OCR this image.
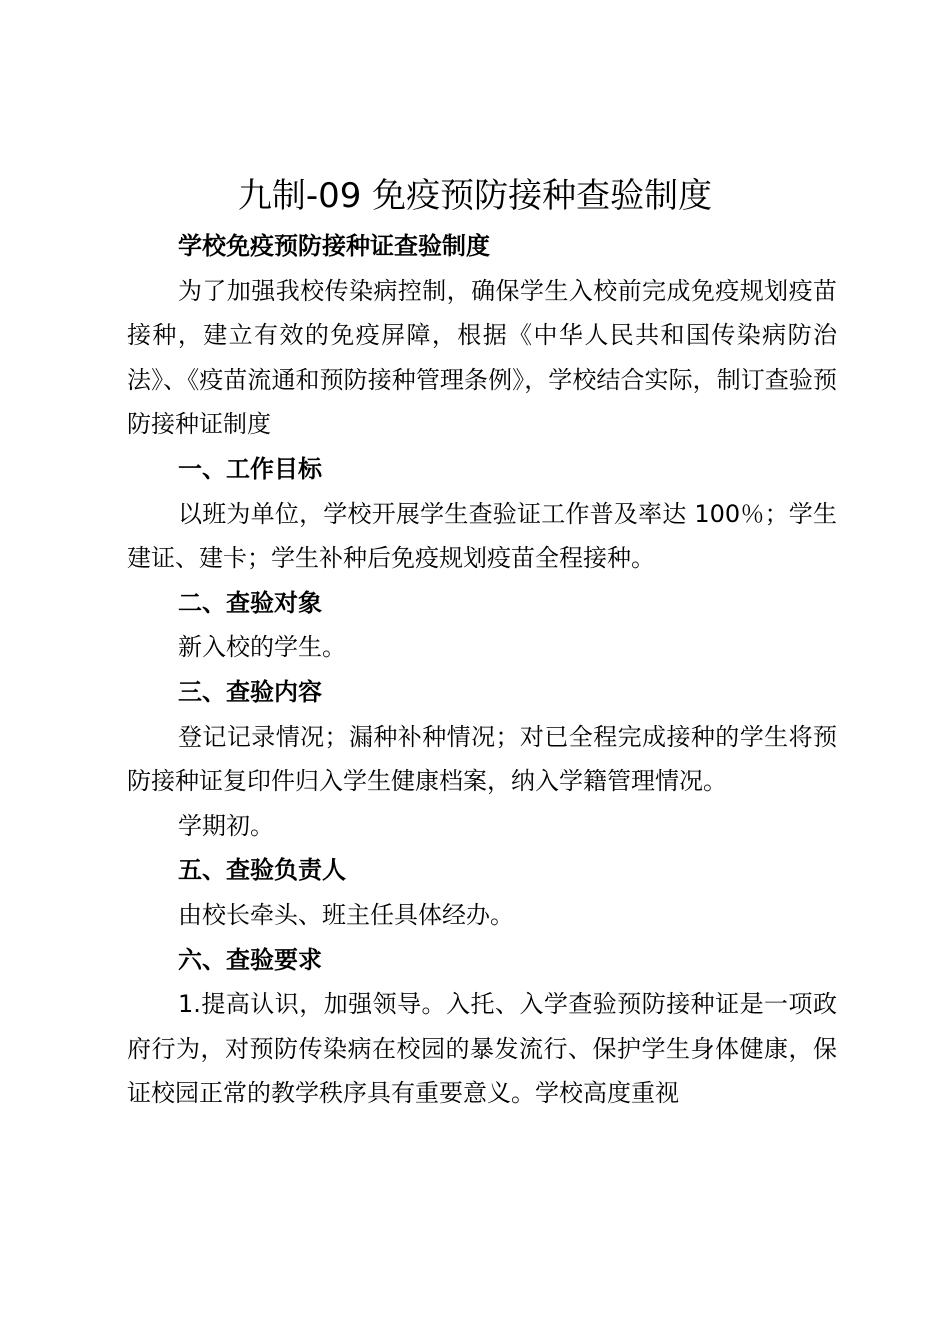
九制-09 免疫预防接种查验制度

学校免疫预防接种证查验制度

为了加强我校传染病控制，确保学生入校前完成免疫规划疫苗接种，建立有效的免疫屏障，根据《中华人民共和国传染病防治法》、《疫苗流通和预防接种管理条例》，学校结合实际，制订查验预防接种证制度

一、工作目标

以班为单位，学校开展学生查验证工作普及率达 100％；学生建证、建卡；学生补种后免疫规划疫苗全程接种。

二、查验对象

新入校的学生。

三、查验内容

登记记录情况；漏种补种情况；对已全程完成接种的学生将预防接种证复印件归入学生健康档案，纳入学籍管理情况。

学期初。

五、查验负责人

由校长牵头、班主任具体经办。

六、查验要求

1.提高认识，加强领导。入托、入学查验预防接种证是一项政府行为，对预防传染病在校园的暴发流行、保护学生身体健康，保证校园正常的教学秩序具有重要意义。学校高度重视
